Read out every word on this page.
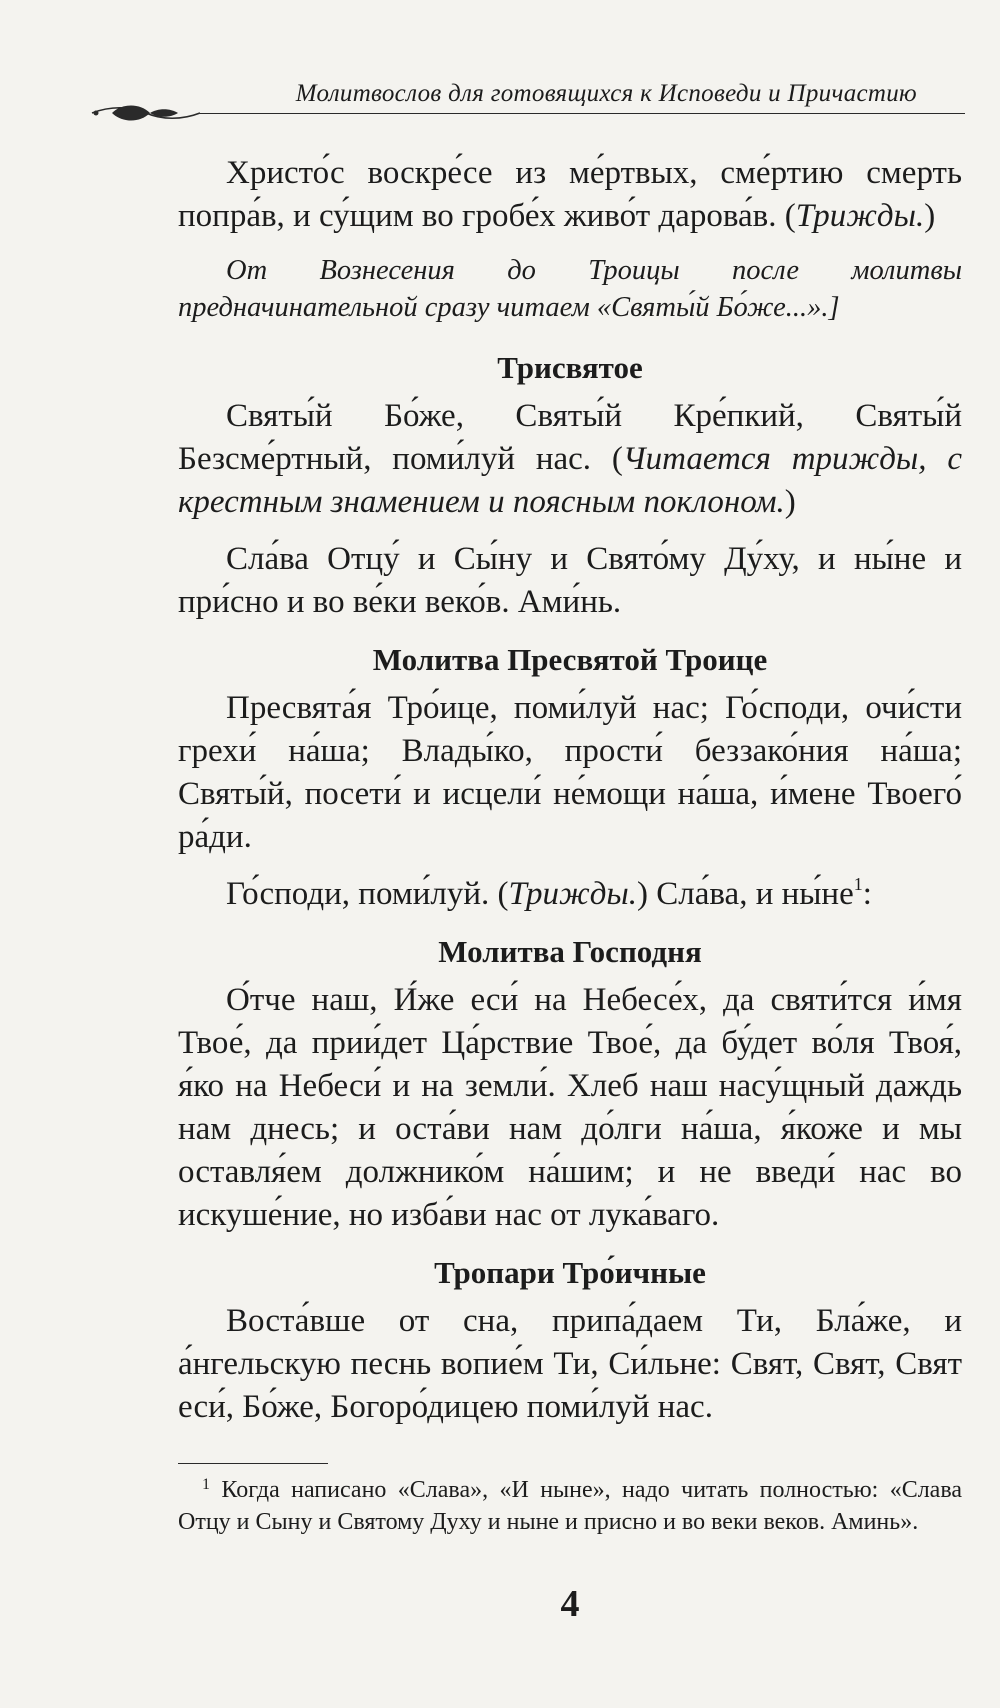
Молитвослов для готовящихся к Исповеди и Причастию

Христо́с воскре́се из ме́ртвых, сме́ртию смерть попра́в, и су́щим во гробе́х живо́т дарова́в. (Трижды.)

От Вознесения до Троицы после молитвы предначинательной сразу читаем «Святы́й Бо́же...».]

Трисвятое

Святы́й Бо́же, Святы́й Кре́пкий, Святы́й Безсме́ртный, поми́луй нас. (Читается трижды, с крестным знамением и поясным поклоном.)

Сла́ва Отцу́ и Сы́ну и Свято́му Ду́ху, и ны́не и при́сно и во ве́ки веко́в. Ами́нь.

Молитва Пресвятой Троице

Пресвята́я Тро́ице, поми́луй нас; Го́споди, очи́сти грехи́ на́ша; Влады́ко, прости́ беззако́ния на́ша; Святы́й, посети́ и исцели́ не́мощи на́ша, и́мене Твоего́ ра́ди.

Го́споди, поми́луй. (Трижды.) Сла́ва, и $ны́не^1$:

Молитва Господня

О́тче наш, И́же еси́ на Небесе́х, да святи́тся и́мя Твое́, да прии́дет Ца́рствие Твое́, да бу́дет во́ля Твоя́, я́ко на Небеси́ и на земли́. Хлеб наш насу́щный даждь нам днесь; и оста́ви нам до́лги на́ша, я́коже и мы оставля́ем должнико́м на́шим; и не введи́ нас во искуше́ние, но изба́ви нас от лука́ваго.

Тропари Тро́ичные

Воста́вше от сна, припа́даем Ти, Бла́же, и а́нгельскую песнь вопие́м Ти, Си́льне: Свят, Свят, Свят еси́, Бо́же, Богоро́дицею поми́луй нас.

$^1$ Когда написано «Слава», «И ныне», надо читать полностью: «Слава Отцу и Сыну и Святому Духу и ныне и присно и во веки веков. Аминь».

4
